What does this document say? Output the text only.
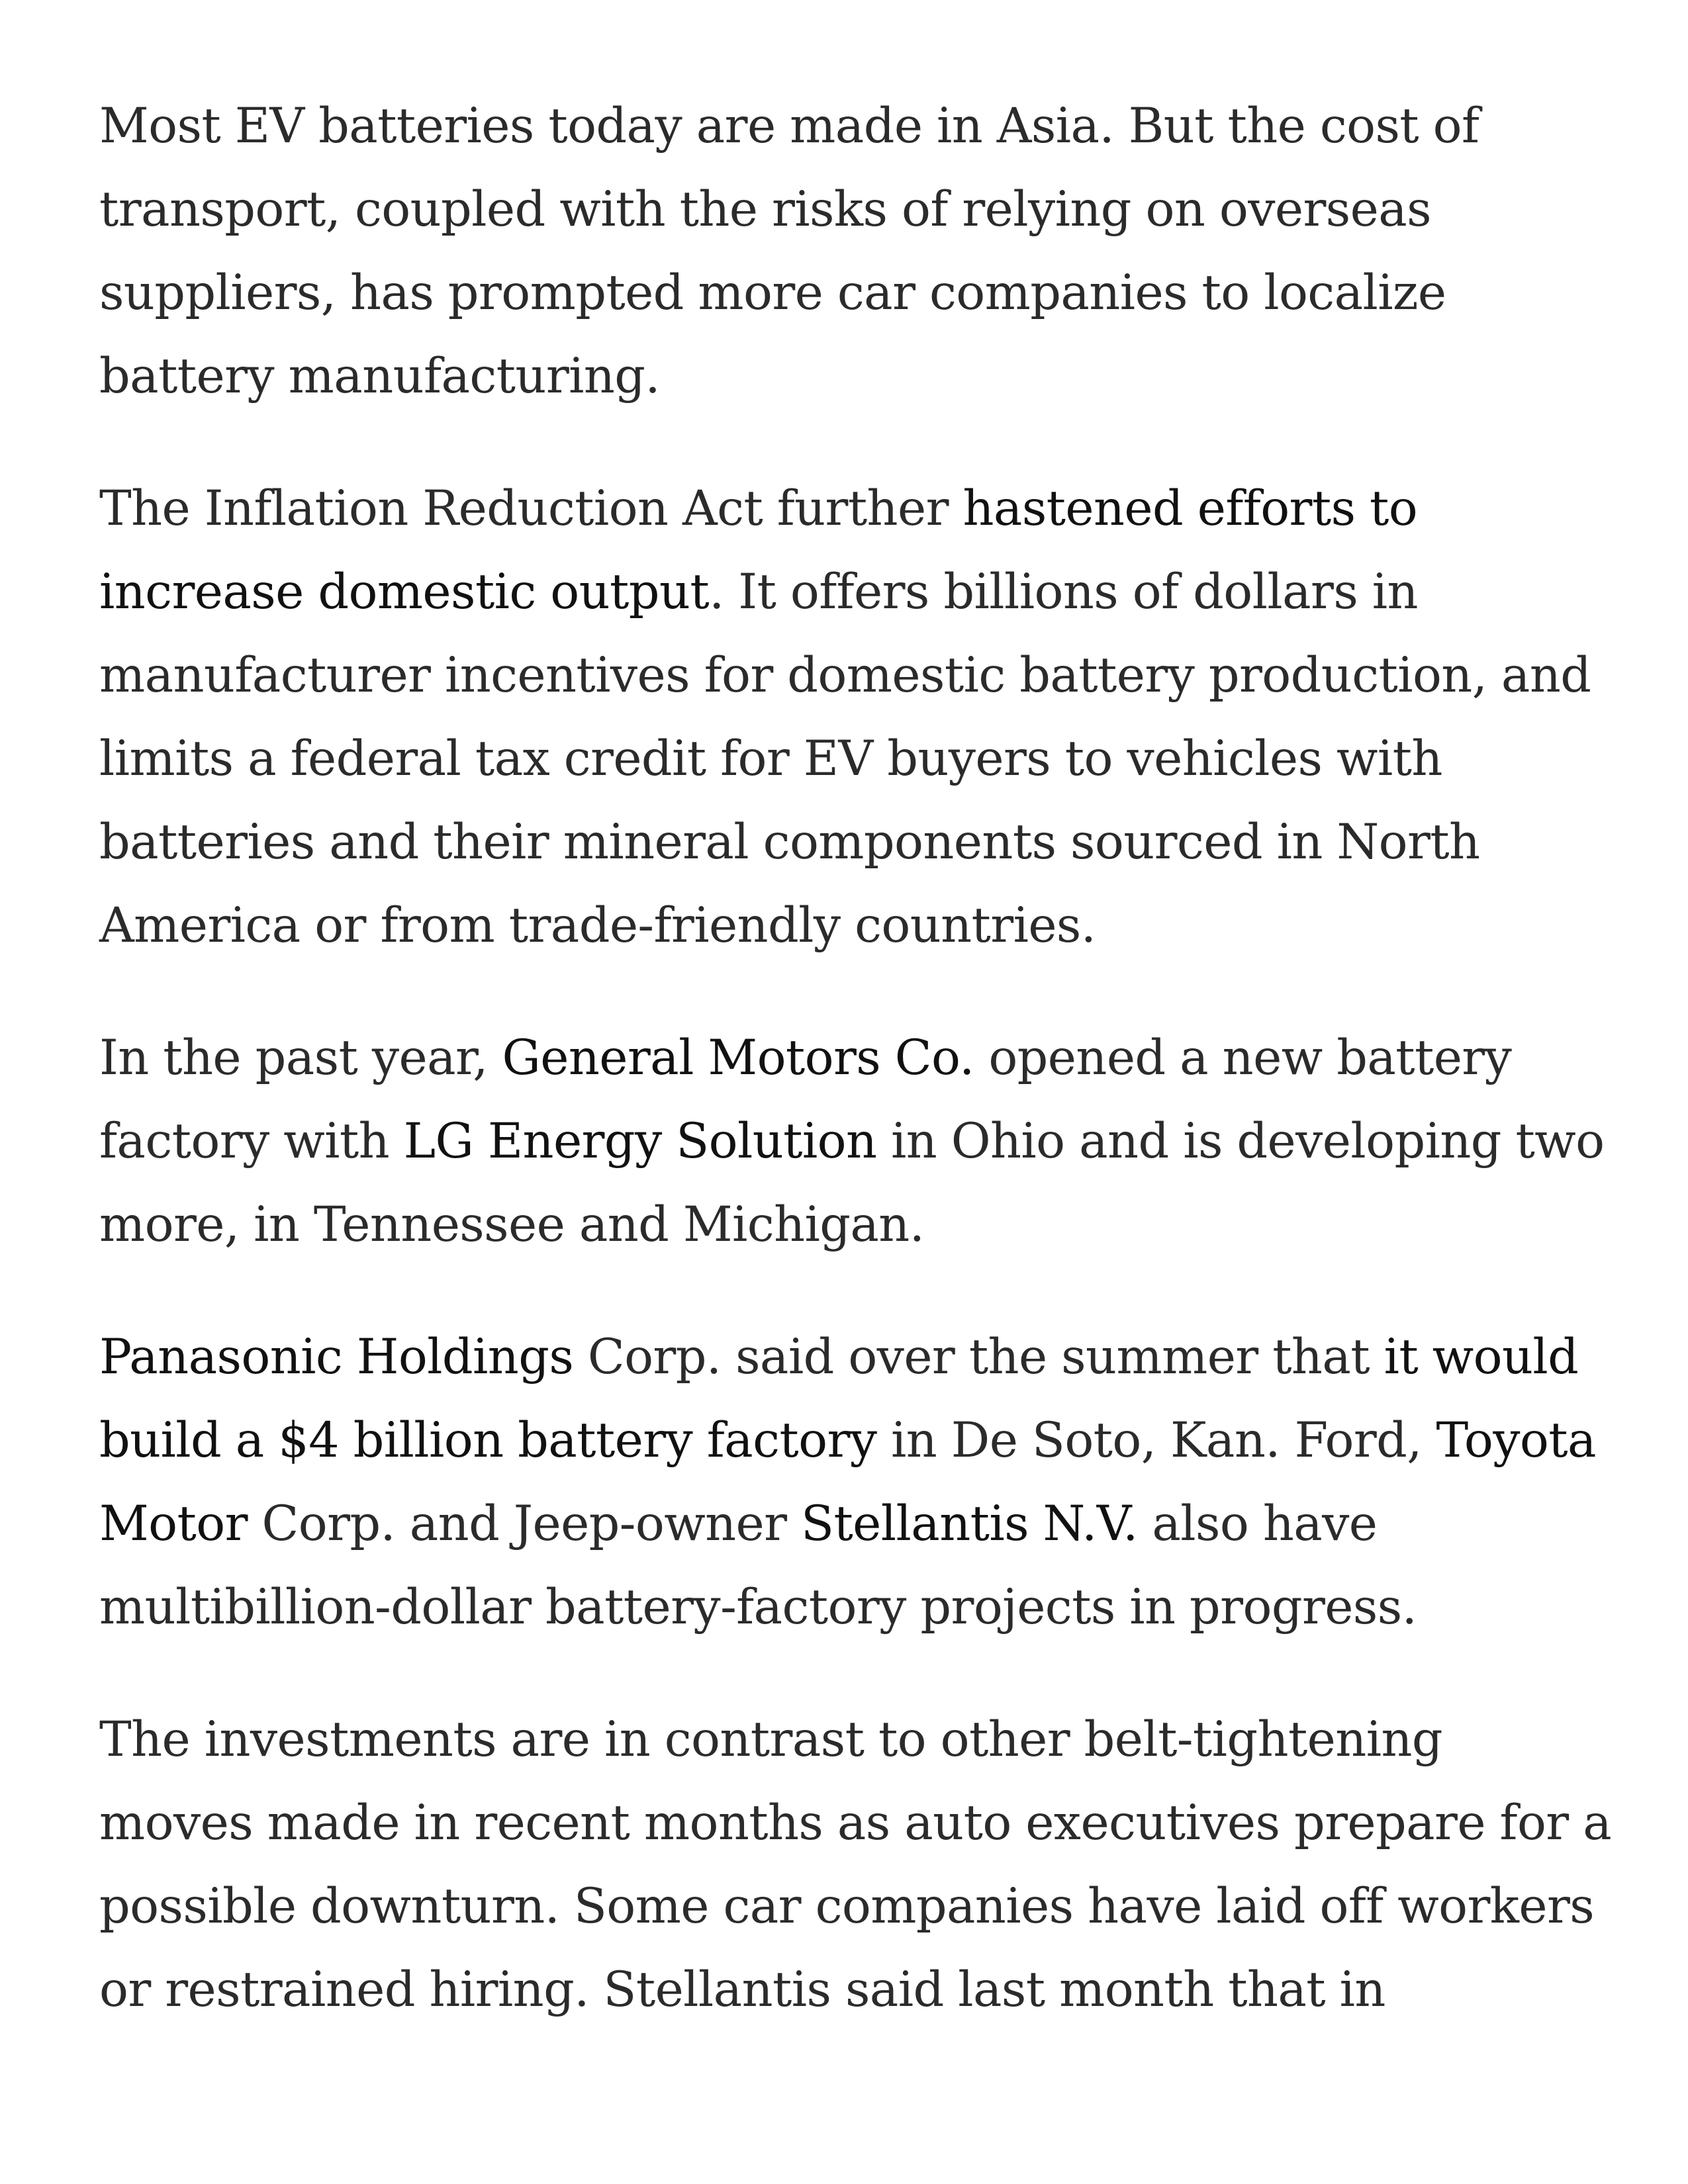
Most EV batteries today are made in Asia. But the cost of
transport, coupled with the risks of relying on overseas
suppliers, has prompted more car companies to localize
battery manufacturing.

The Inflation Reduction Act further hastened efforts to
increase domestic output. It offers billions of dollars in
manufacturer incentives for domestic battery production, and
limits a federal tax credit for EV buyers to vehicles with
batteries and their mineral components sourced in North
America or from trade-friendly countries.

In the past year, General Motors Co. opened a new battery
factory with LG Energy Solution in Ohio and is developing two
more, in Tennessee and Michigan.

Panasonic Holdings Corp. said over the summer that it would
build a $4 billion battery factory in De Soto, Kan. Ford, Toyota
Motor Corp. and Jeep-owner Stellantis N.V. also have
multibillion-dollar battery-factory projects in progress.

The investments are in contrast to other belt-tightening
moves made in recent months as auto executives prepare for a
possible downturn. Some car companies have laid off workers
or restrained hiring. Stellantis said last month that in
